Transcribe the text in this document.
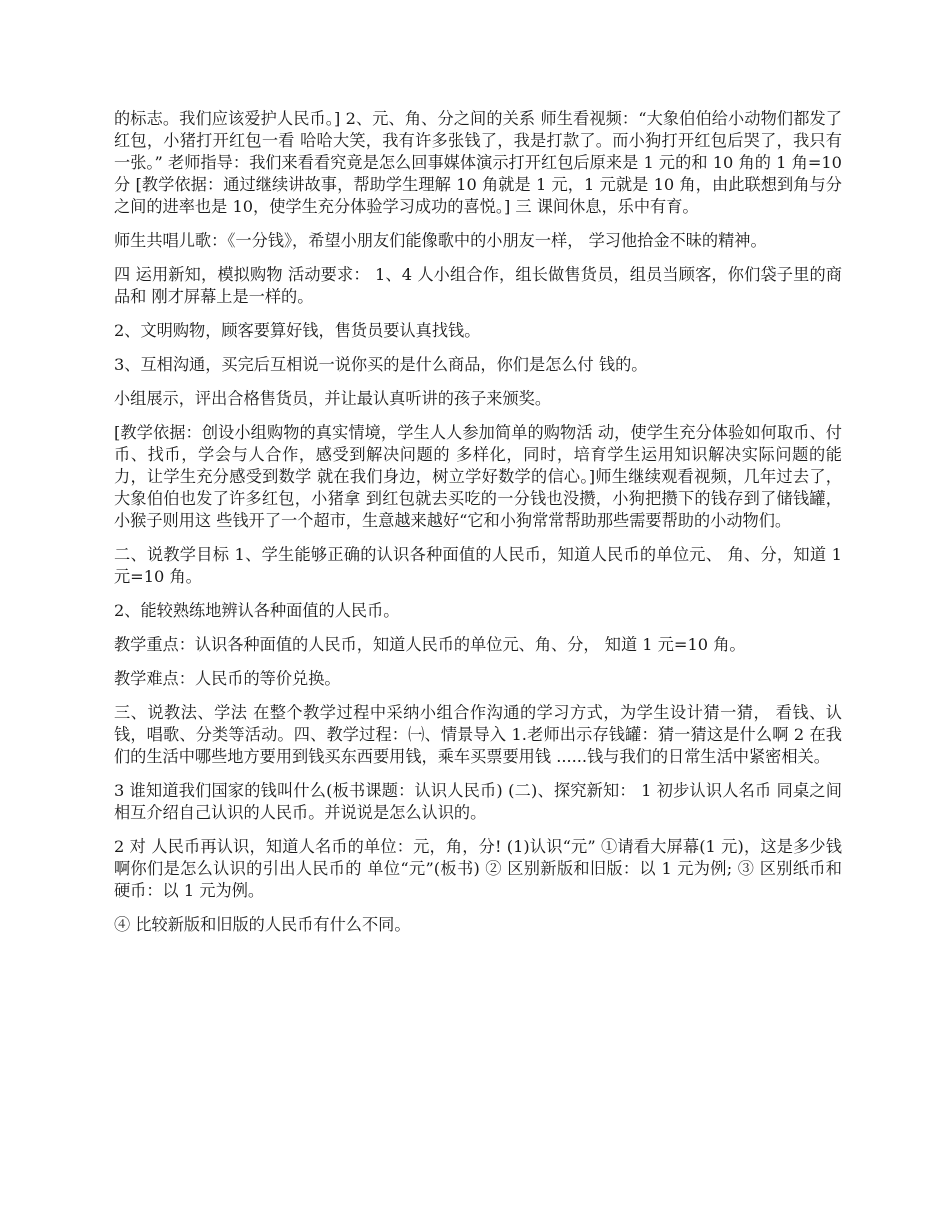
的标志。我们应该爱护人民币。] 2、元、角、分之间的关系 师生看视频：“大象伯伯给小动物们都发了红包，小猪打开红包一看 哈哈大笑，我有许多张钱了，我是打款了。而小狗打开红包后哭了，我只有一张。” 老师指导：我们来看看究竟是怎么回事媒体演示打开红包后原来是 1 元的和 10 角的 1 角=10 分 [教学依据：通过继续讲故事，帮助学生理解 10 角就是 1 元，1 元就是 10 角，由此联想到角与分之间的进率也是 10，使学生充分体验学习成功的喜悦。] 三 课间休息，乐中有育。

师生共唱儿歌：《一分钱》，希望小朋友们能像歌中的小朋友一样， 学习他拾金不昧的精神。

四 运用新知，模拟购物 活动要求： 1、4 人小组合作，组长做售货员，组员当顾客，你们袋子里的商品和 刚才屏幕上是一样的。

2、文明购物，顾客要算好钱，售货员要认真找钱。

3、互相沟通，买完后互相说一说你买的是什么商品，你们是怎么付 钱的。

小组展示，评出合格售货员，并让最认真听讲的孩子来颁奖。

[教学依据：创设小组购物的真实情境，学生人人参加简单的购物活 动，使学生充分体验如何取币、付币、找币，学会与人合作，感受到解决问题的 多样化，同时，培育学生运用知识解决实际问题的能力，让学生充分感受到数学 就在我们身边，树立学好数学的信心。]师生继续观看视频，几年过去了，大象伯伯也发了许多红包，小猪拿 到红包就去买吃的一分钱也没攒，小狗把攒下的钱存到了储钱罐，小猴子则用这 些钱开了一个超市，生意越来越好“它和小狗常常帮助那些需要帮助的小动物们。

二、说教学目标 1、学生能够正确的认识各种面值的人民币，知道人民币的单位元、 角、分，知道 1 元=10 角。

2、能较熟练地辨认各种面值的人民币。

教学重点：认识各种面值的人民币，知道人民币的单位元、角、分， 知道 1 元=10 角。

教学难点：人民币的等价兑换。

三、说教法、学法 在整个教学过程中采纳小组合作沟通的学习方式，为学生设计猜一猜， 看钱、认钱，唱歌、分类等活动。四、教学过程：㈠、情景导入 1.老师出示存钱罐：猜一猜这是什么啊 2 在我们的生活中哪些地方要用到钱买东西要用钱，乘车买票要用钱 ......钱与我们的日常生活中紧密相关。

3 谁知道我们国家的钱叫什么(板书课题：认识人民币) (二)、探究新知： 1 初步认识人名币 同桌之间相互介绍自己认识的人民币。并说说是怎么认识的。

2 对 人民币再认识，知道人名币的单位：元，角，分! (1)认识“元” ①请看大屏幕(1 元)，这是多少钱啊你们是怎么认识的引出人民币的 单位“元”(板书) ② 区别新版和旧版：以 1 元为例; ③ 区别纸币和硬币：以 1 元为例。

④ 比较新版和旧版的人民币有什么不同。
